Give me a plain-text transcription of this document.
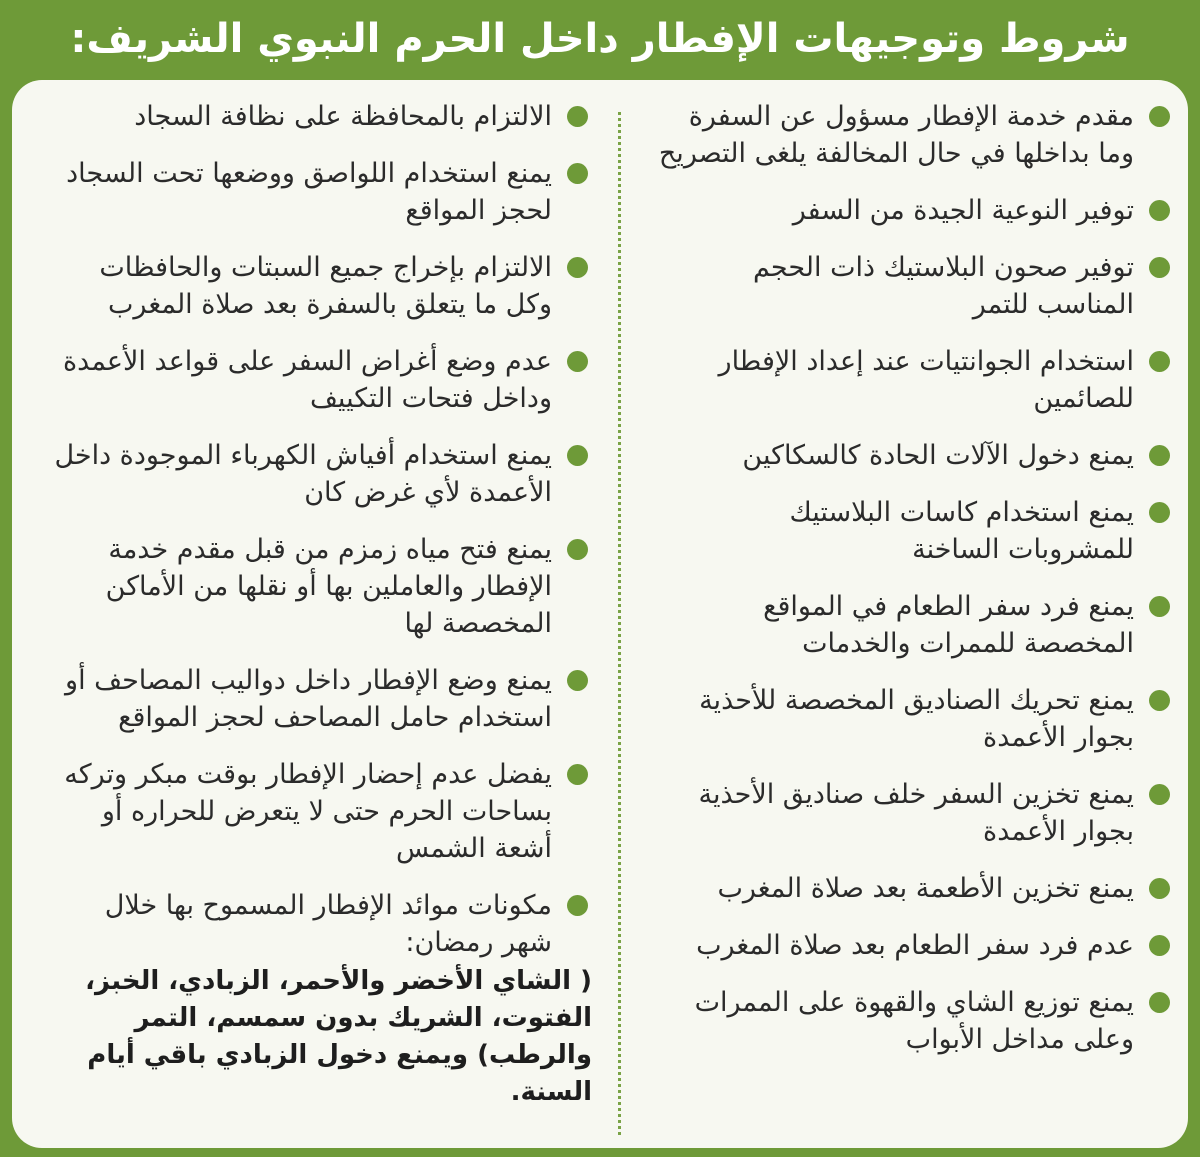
شروط وتوجيهات الإفطار داخل الحرم النبوي الشريف:
مقدم خدمة الإفطار مسؤول عن السفرة وما بداخلها في حال المخالفة يلغى التصريح
توفير النوعية الجيدة من السفر
توفير صحون البلاستيك ذات الحجم المناسب للتمر
استخدام الجوانتيات عند إعداد الإفطار للصائمين
يمنع دخول الآلات الحادة كالسكاكين
يمنع استخدام كاسات البلاستيك للمشروبات الساخنة
يمنع فرد سفر الطعام في المواقع المخصصة للممرات والخدمات
يمنع تحريك الصناديق المخصصة للأحذية بجوار الأعمدة
يمنع تخزين السفر خلف صناديق الأحذية بجوار الأعمدة
يمنع تخزين الأطعمة بعد صلاة المغرب
عدم فرد سفر الطعام بعد صلاة المغرب
يمنع توزيع الشاي والقهوة على الممرات وعلى مداخل الأبواب
الالتزام بالمحافظة على نظافة السجاد
يمنع استخدام اللواصق ووضعها تحت السجاد لحجز المواقع
الالتزام بإخراج جميع السبتات والحافظات وكل ما يتعلق بالسفرة بعد صلاة المغرب
عدم وضع أغراض السفر على قواعد الأعمدة وداخل فتحات التكييف
يمنع استخدام أفياش الكهرباء الموجودة داخل الأعمدة لأي غرض كان
يمنع فتح مياه زمزم من قبل مقدم خدمة الإفطار والعاملين بها أو نقلها من الأماكن المخصصة لها
يمنع وضع الإفطار داخل دواليب المصاحف أو استخدام حامل المصاحف لحجز المواقع
يفضل عدم إحضار الإفطار بوقت مبكر وتركه بساحات الحرم حتى لا يتعرض للحراره أو أشعة الشمس
مكونات موائد الإفطار المسموح بها خلال شهر رمضان:
( الشاي الأخضر والأحمر، الزبادي، الخبز، الفتوت، الشريك بدون سمسم، التمر والرطب) ويمنع دخول الزبادي باقي أيام السنة.
